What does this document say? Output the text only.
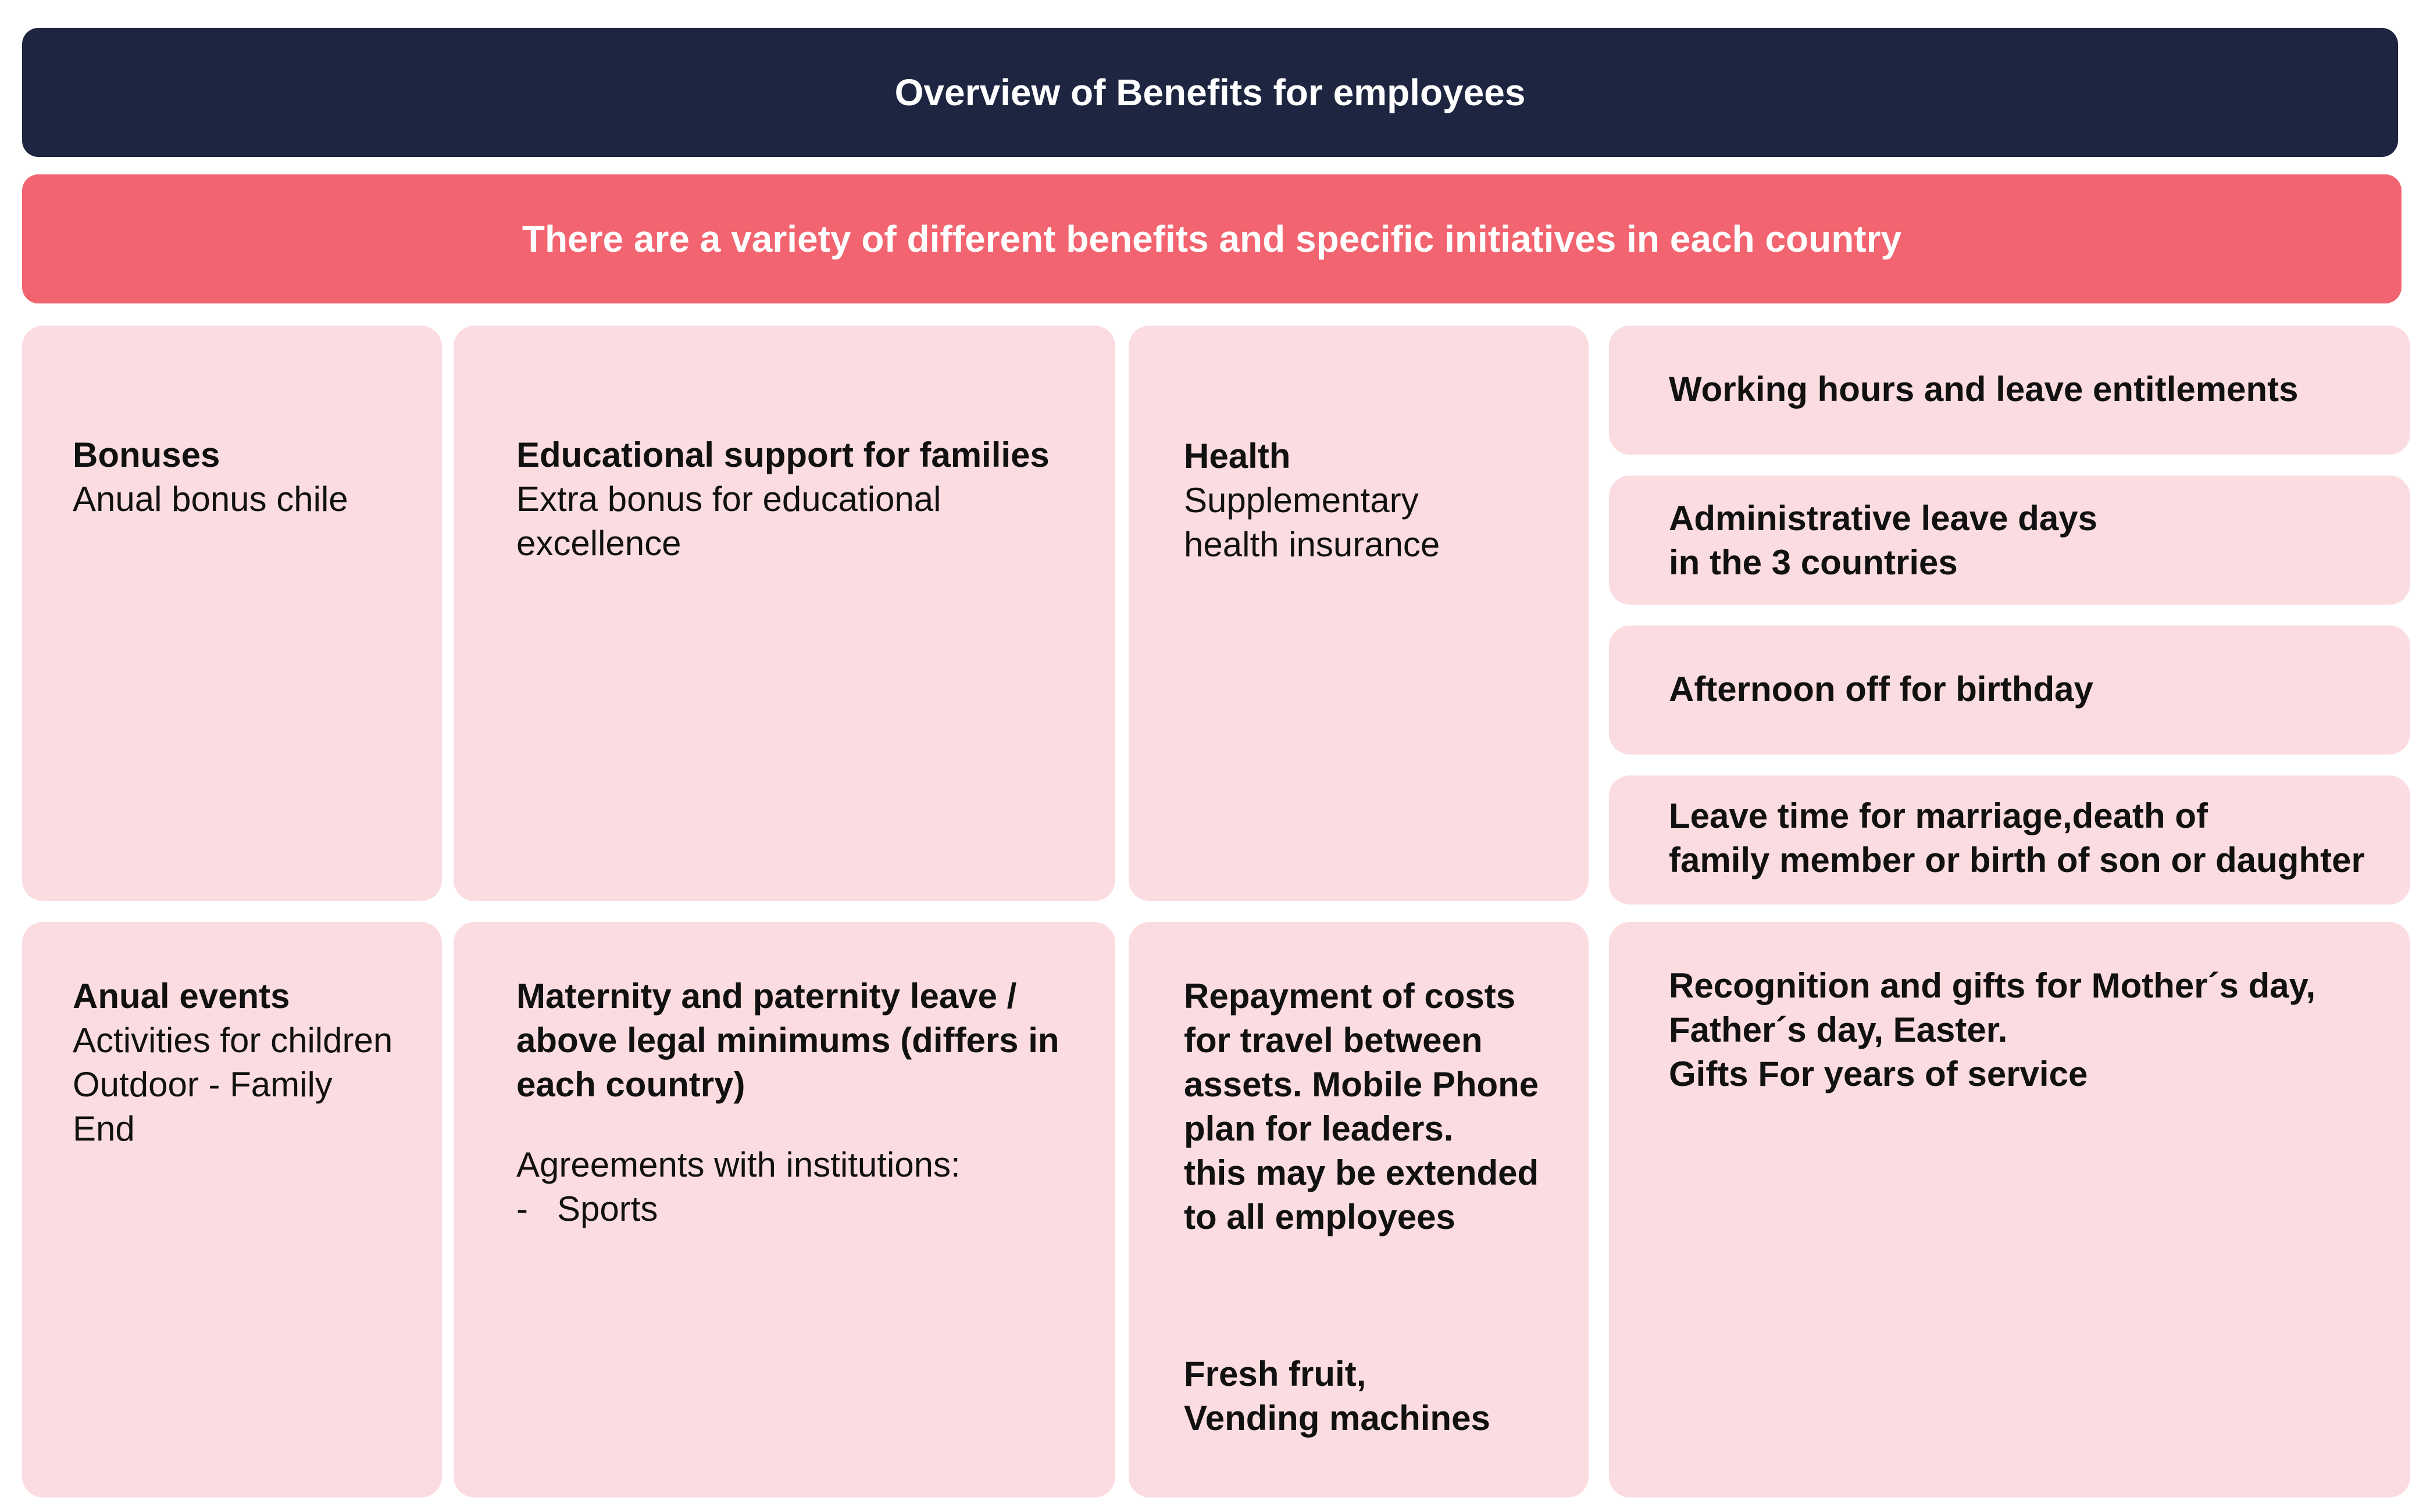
Overview of Benefits for employees
There are a variety of different benefits and specific initiatives in each country
Bonuses
Anual bonus chile
Educational support for families
Extra bonus for educational
excellence
Health
Supplementary
health insurance
Working hours and leave entitlements
Administrative leave days
in the 3 countries
Afternoon off for birthday
Leave time for marriage,death of
family member or birth of son or daughter
Anual events
Activities for children
Outdoor - Family
End
Maternity and paternity leave /
above legal minimums (differs in
each country)
Agreements with institutions:
-   Sports
Repayment of costs
for travel between
assets. Mobile Phone
plan for leaders.
this may be extended
to all employees
Fresh fruit,
Vending machines
Recognition and gifts for Mother´s day,
Father´s day, Easter.
Gifts For years of service
